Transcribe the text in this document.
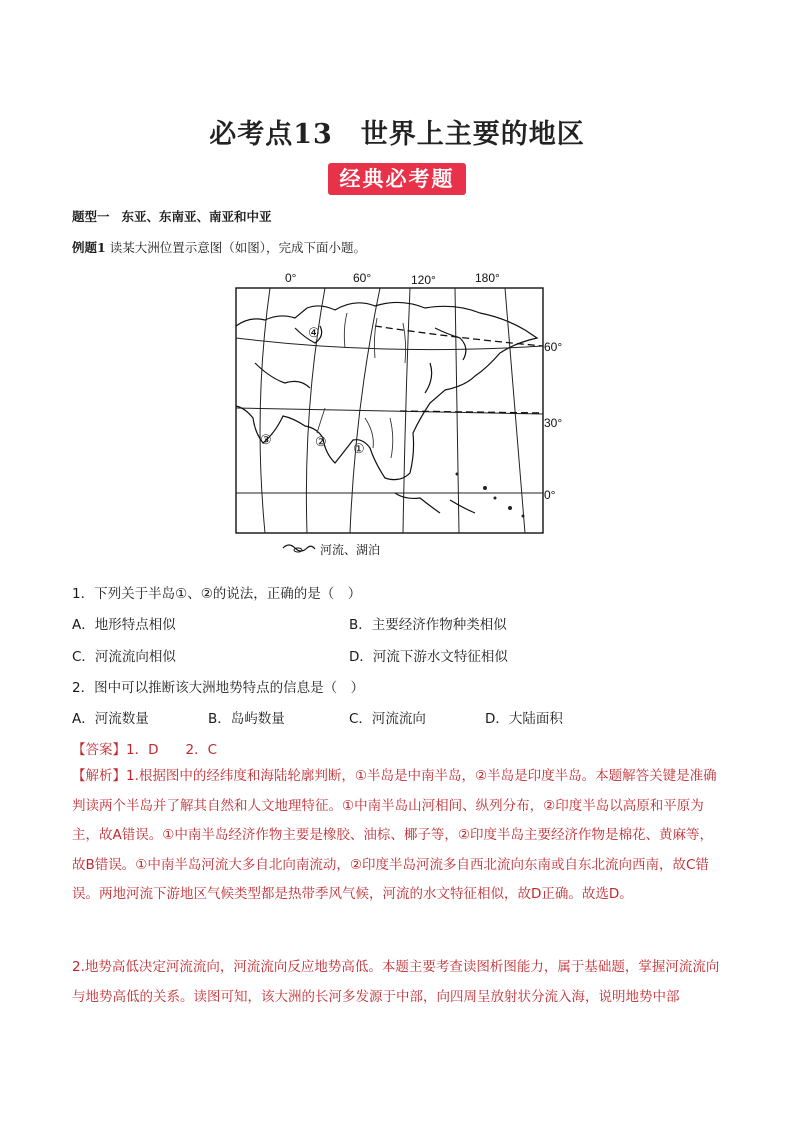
必考点13　世界上主要的地区
经典必考题
题型一 东亚、东南亚、南亚和中亚
例题1 读某大洲位置示意图（如图），完成下面小题。
0°	60°	120°	180°
60°
30°
0°
①
②
③
④
河流、湖泊
1．下列关于半岛①、②的说法，正确的是（　）
A．地形特点相似	B．主要经济作物种类相似
C．河流流向相似	D．河流下游水文特征相似
2．图中可以推断该大洲地势特点的信息是（　）
A．河流数量	B．岛屿数量	C．河流流向	D．大陆面积
【答案】1．D　　2．C
【解析】1.根据图中的经纬度和海陆轮廓判断，①半岛是中南半岛，②半岛是印度半岛。本题解答关键是准确判读两个半岛并了解其自然和人文地理特征。①中南半岛山河相间、纵列分布，②印度半岛以高原和平原为主，故A错误。①中南半岛经济作物主要是橡胶、油棕、椰子等，②印度半岛主要经济作物是棉花、黄麻等，故B错误。①中南半岛河流大多自北向南流动，②印度半岛河流多自西北流向东南或自东北流向西南，故C错误。两地河流下游地区气候类型都是热带季风气候，河流的水文特征相似，故D正确。故选D。
2.地势高低决定河流流向，河流流向反应地势高低。本题主要考查读图析图能力，属于基础题，掌握河流流向与地势高低的关系。读图可知，该大洲的长河多发源于中部，向四周呈放射状分流入海，说明地势中部
